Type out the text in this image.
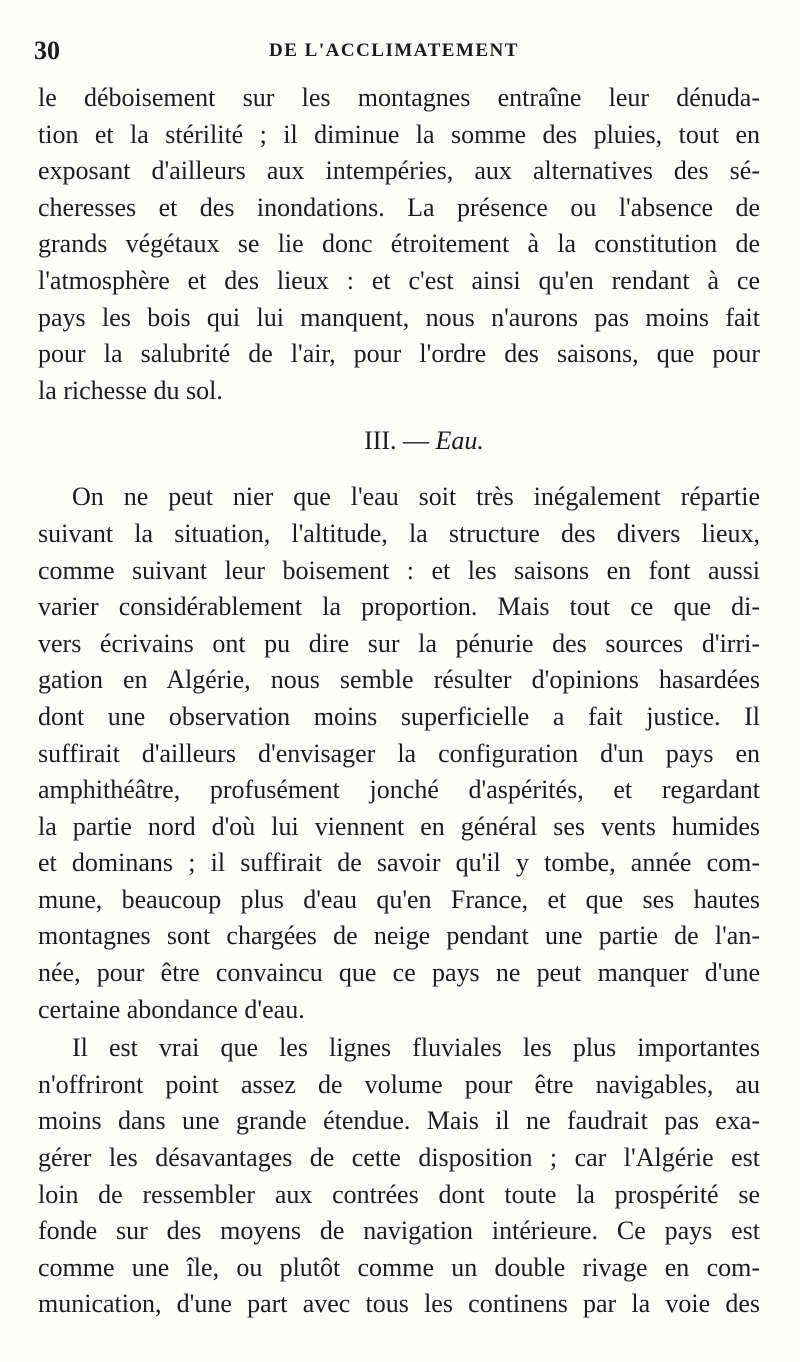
30	DE L'ACCLIMATEMENT
le déboisement sur les montagnes entraîne leur dénuda-
tion et la stérilité ; il diminue la somme des pluies, tout en
exposant d'ailleurs aux intempéries, aux alternatives des sé-
cheresses et des inondations. La présence ou l'absence de
grands végétaux se lie donc étroitement à la constitution de
l'atmosphère et des lieux : et c'est ainsi qu'en rendant à ce
pays les bois qui lui manquent, nous n'aurons pas moins fait
pour la salubrité de l'air, pour l'ordre des saisons, que pour
la richesse du sol.
III. — Eau.
On ne peut nier que l'eau soit très inégalement répartie
suivant la situation, l'altitude, la structure des divers lieux,
comme suivant leur boisement : et les saisons en font aussi
varier considérablement la proportion. Mais tout ce que di-
vers écrivains ont pu dire sur la pénurie des sources d'irri-
gation en Algérie, nous semble résulter d'opinions hasardées
dont une observation moins superficielle a fait justice. Il
suffirait d'ailleurs d'envisager la configuration d'un pays en
amphithéâtre, profusément jonché d'aspérités, et regardant
la partie nord d'où lui viennent en général ses vents humides
et dominans ; il suffirait de savoir qu'il y tombe, année com-
mune, beaucoup plus d'eau qu'en France, et que ses hautes
montagnes sont chargées de neige pendant une partie de l'an-
née, pour être convaincu que ce pays ne peut manquer d'une
certaine abondance d'eau.
Il est vrai que les lignes fluviales les plus importantes
n'offriront point assez de volume pour être navigables, au
moins dans une grande étendue. Mais il ne faudrait pas exa-
gérer les désavantages de cette disposition ; car l'Algérie est
loin de ressembler aux contrées dont toute la prospérité se
fonde sur des moyens de navigation intérieure. Ce pays est
comme une île, ou plutôt comme un double rivage en com-
munication, d'une part avec tous les continens par la voie des
